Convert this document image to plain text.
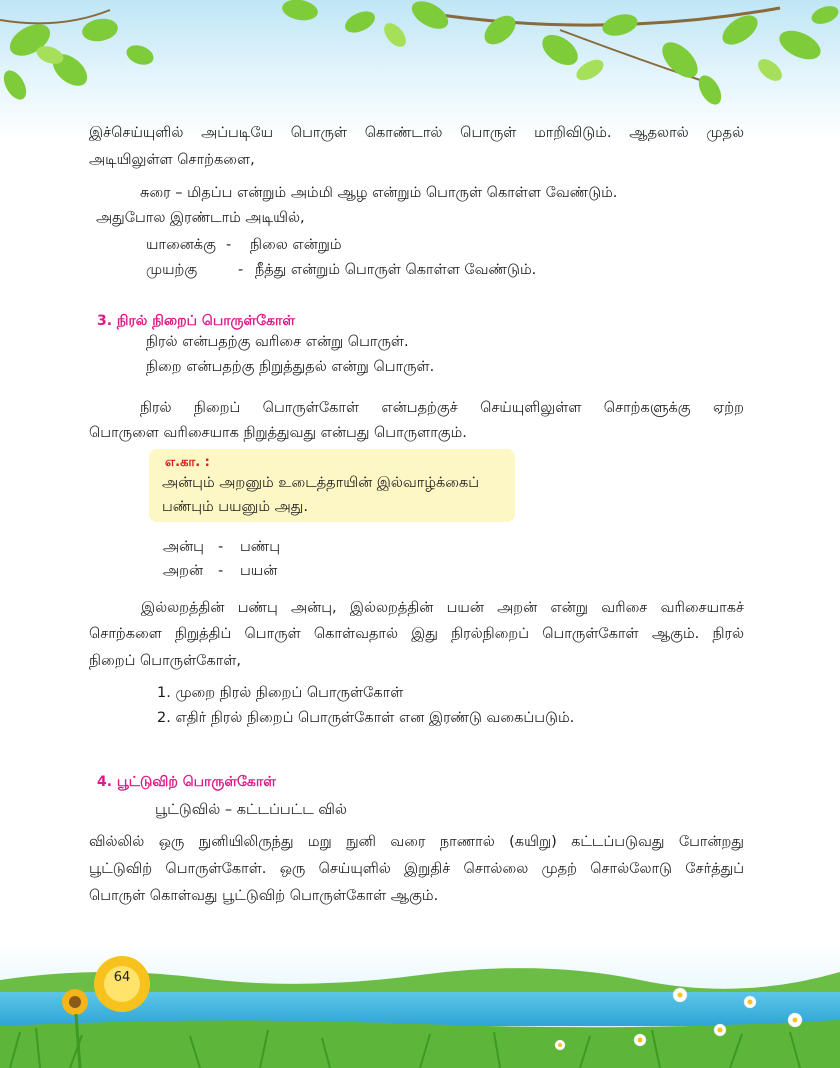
இச்செய்யுளில் அப்படியே பொருள் கொண்டால் பொருள் மாறிவிடும். ஆதலால் முதல்
அடியிலுள்ள சொற்களை,
சுரை – மிதப்ப என்றும் அம்மி ஆழ என்றும் பொருள் கொள்ள வேண்டும்.
அதுபோல இரண்டாம் அடியில்,
யானைக்கு - நிலை என்றும்
முயற்கு	- நீத்து என்றும் பொருள் கொள்ள வேண்டும்.
3. நிரல் நிறைப் பொருள்கோள்
நிரல் என்பதற்கு வரிசை என்று பொருள்.
நிறை என்பதற்கு நிறுத்துதல் என்று பொருள்.
நிரல் நிறைப் பொருள்கோள் என்பதற்குச் செய்யுளிலுள்ள சொற்களுக்கு ஏற்ற
பொருளை வரிசையாக நிறுத்துவது என்பது பொருளாகும்.
எ.கா. :
அன்பும் அறனும் உடைத்தாயின் இல்வாழ்க்கைப்
பண்பும் பயனும் அது.
அன்பு - பண்பு
அறன் - பயன்
இல்லறத்தின் பண்பு அன்பு, இல்லறத்தின் பயன் அறன் என்று வரிசை வரிசையாகச்
சொற்களை நிறுத்திப் பொருள் கொள்வதால் இது நிரல்நிறைப் பொருள்கோள் ஆகும். நிரல்
நிறைப் பொருள்கோள்,
1. முறை நிரல் நிறைப் பொருள்கோள்
2. எதிர் நிரல் நிறைப் பொருள்கோள் என இரண்டு வகைப்படும்.
4. பூட்டுவிற் பொருள்கோள்
பூட்டுவில் – கட்டப்பட்ட வில்
வில்லில் ஒரு நுனியிலிருந்து மறு நுனி வரை நாணால் (கயிறு) கட்டப்படுவது போன்றது
பூட்டுவிற் பொருள்கோள். ஒரு செய்யுளில் இறுதிச் சொல்லை முதற் சொல்லோடு சேர்த்துப்
பொருள் கொள்வது பூட்டுவிற் பொருள்கோள் ஆகும்.
64
